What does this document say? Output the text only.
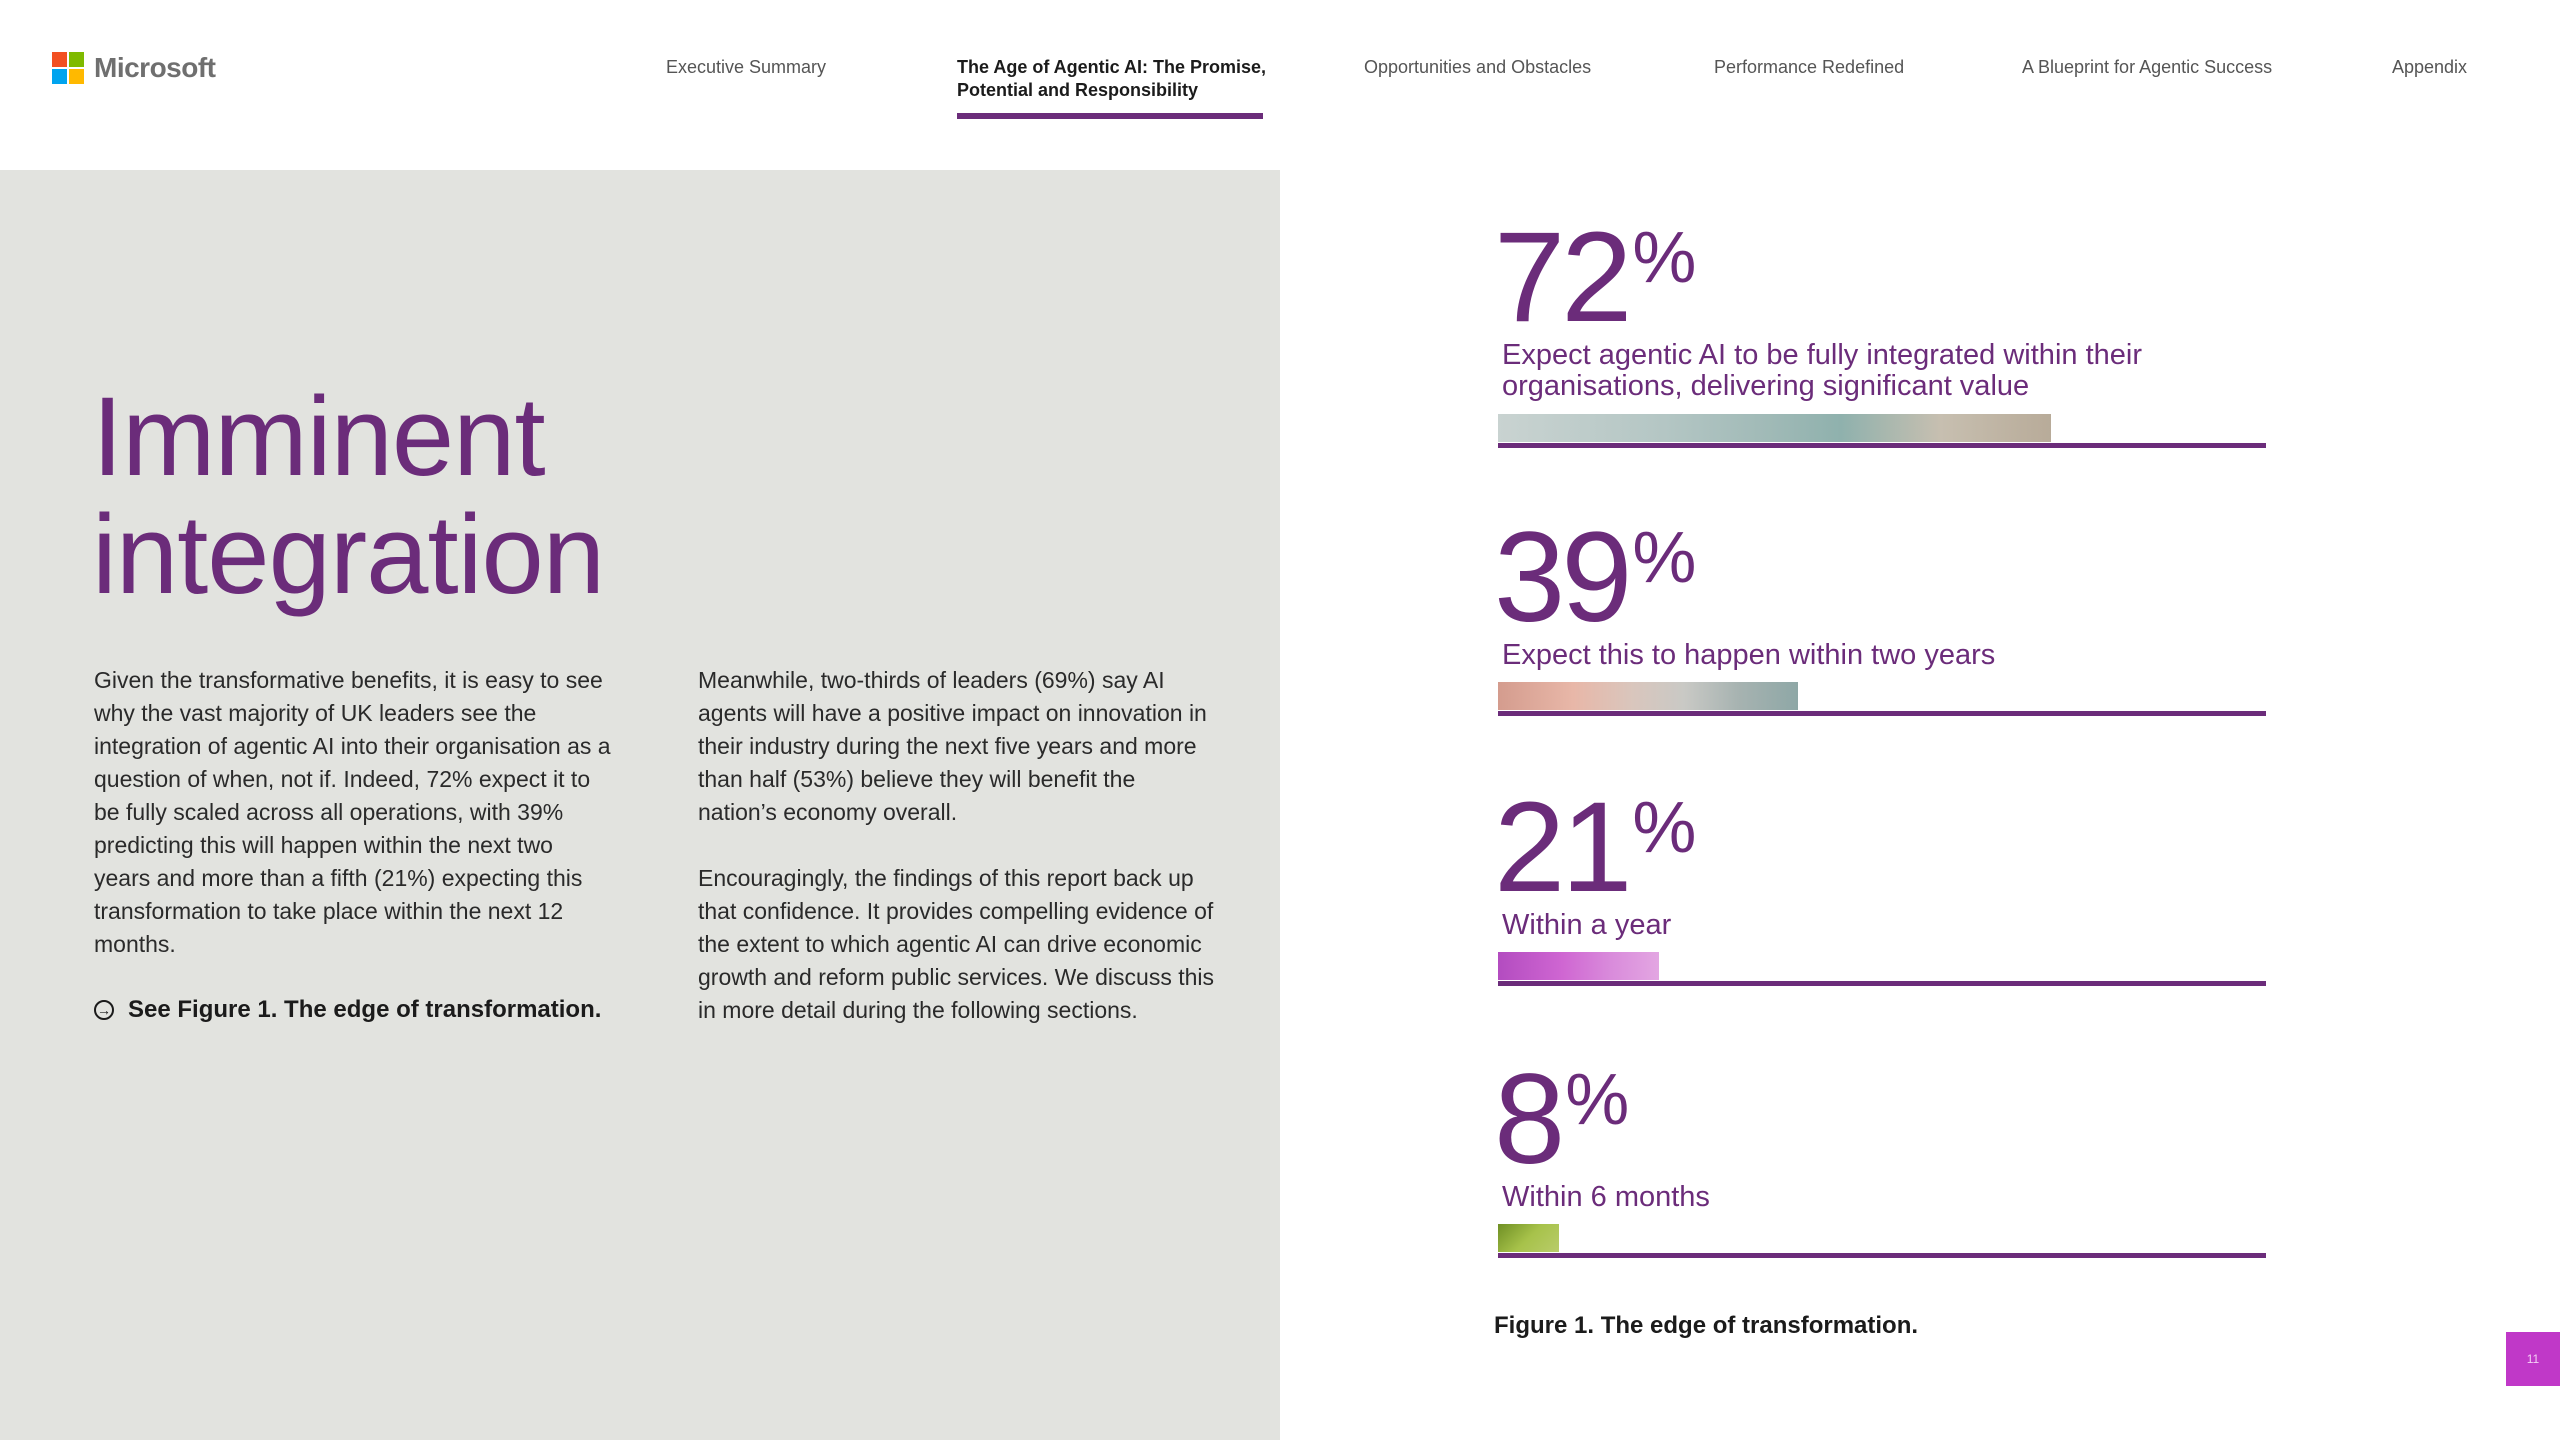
Microsoft	Executive Summary	The Age of Agentic AI: The Promise,
Potential and Responsibility
Opportunities and Obstacles	Performance Redefined	A Blueprint for Agentic Success	Appendix
Imminent
integration

Given the transformative benefits, it is easy to see why the vast majority of UK leaders see the integration of agentic AI into their organisation as a question of when, not if. Indeed, 72% expect it to be fully scaled across all operations, with 39% predicting this will happen within the next two years and more than a fifth (21%) expecting this transformation to take place within the next 12 months.

→ See Figure 1. The edge of transformation.

Meanwhile, two-thirds of leaders (69%) say AI agents will have a positive impact on innovation in their industry during the next five years and more than half (53%) believe they will benefit the nation’s economy overall.

Encouragingly, the findings of this report back up that confidence. It provides compelling evidence of the extent to which agentic AI can drive economic growth and reform public services. We discuss this in more detail during the following sections.

72 %
Expect agentic AI to be fully integrated within their organisations, delivering significant value
39 %
Expect this to happen within two years
21 %
Within a year
8 %
Within 6 months
Figure 1. The edge of transformation.
11
